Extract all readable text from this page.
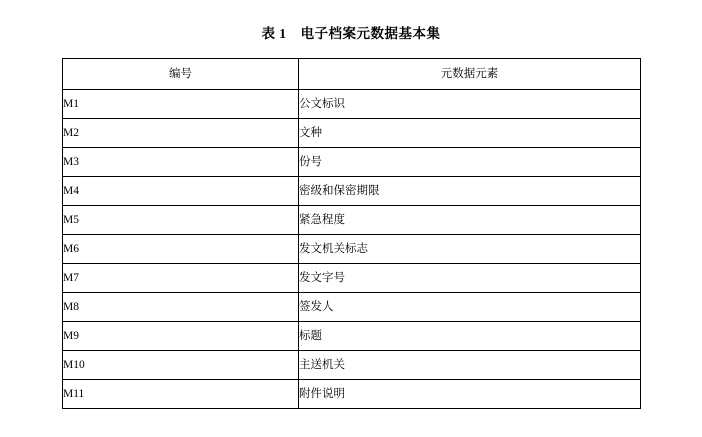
表 1 电子档案元数据基本集
编号	元数据元素
M1	公文标识
M2	文种
M3	份号
M4	密级和保密期限
M5	紧急程度
M6	发文机关标志
M7	发文字号
M8	签发人
M9	标题
M10	主送机关
M11	附件说明
